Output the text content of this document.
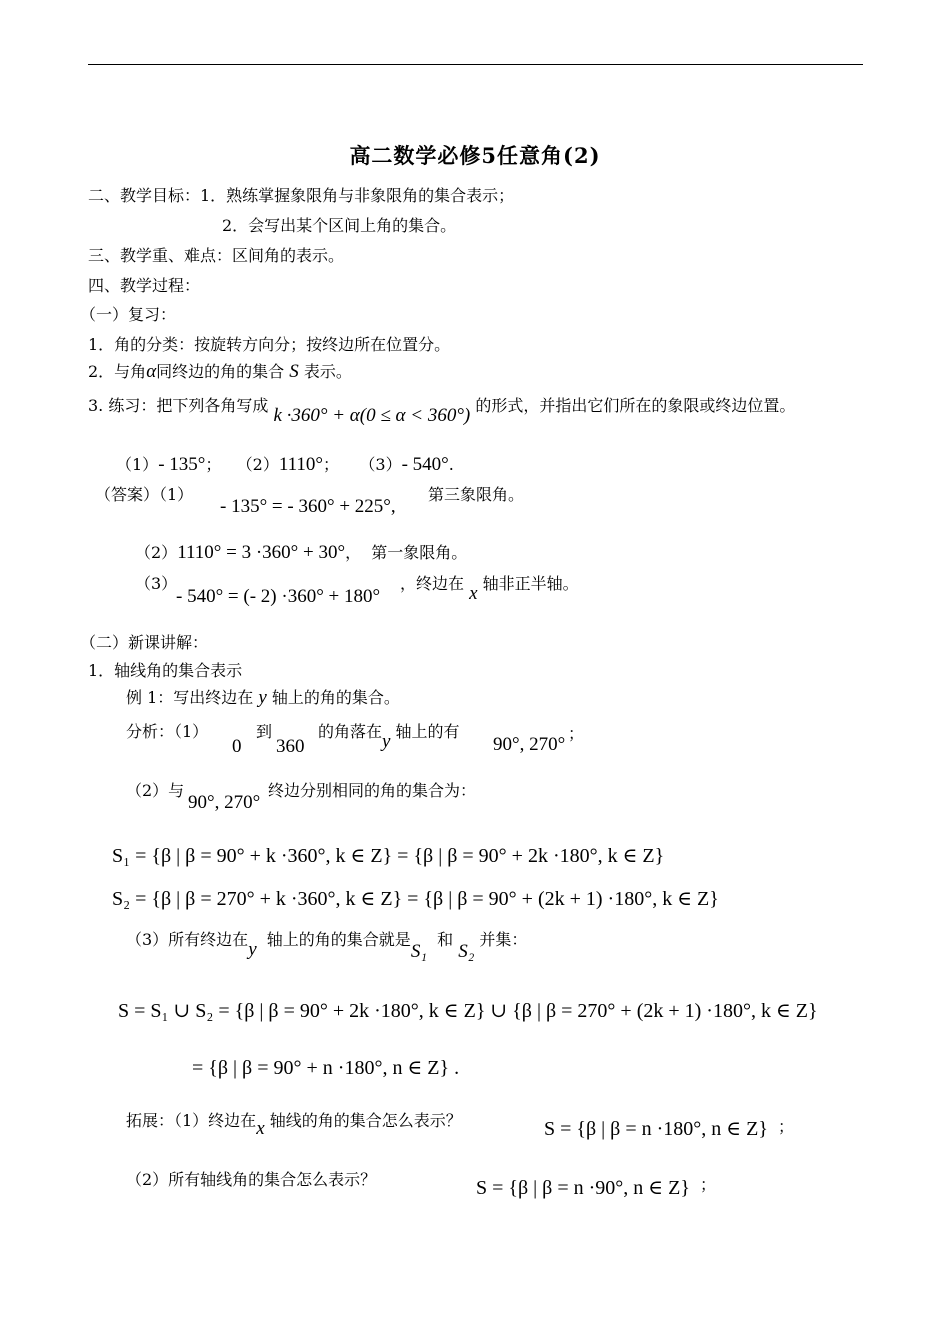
高二数学必修5任意角(2)
二、教学目标：1．熟练掌握象限角与非象限角的集合表示；
2．会写出某个区间上角的集合。
三、教学重、难点：区间角的表示。
四、教学过程：
（一）复习：
1．角的分类：按旋转方向分；按终边所在位置分。
2．与角α同终边的角的集合 S 表示。
3. 练习：把下列各角写成 k ·360° + α(0 ≤ α < 360°) 的形式，并指出它们所在的象限或终边位置。
（1）- 135°； （2）1110°； （3）- 540°.
（答案）（1）
- 135° = - 360° + 225°,
第三象限角。
（2）1110° = 3 ·360° + 30°， 第一象限角。
（3）
- 540° = (- 2) ·360° + 180°
，终边在 x 轴非正半轴。
（二）新课讲解：
1．轴线角的集合表示
例 1：写出终边在 y 轴上的角的集合。
分析：（1）
0
到
360
的角落在y 轴上的有
90°, 270°
；
（2）与
90°, 270°
终边分别相同的角的集合为：
S₁ = {β | β = 90° + k ·360°, k ∈ Z} = {β | β = 90° + 2k ·180°, k ∈ Z}
S₂ = {β | β = 270° + k ·360°, k ∈ Z} = {β | β = 90° + (2k + 1) ·180°, k ∈ Z}
（3）所有终边在y 轴上的角的集合就是S₁  和 S₂ 并集：
S = S₁ ∪ S₂ = {β | β = 90° + 2k ·180°, k ∈ Z} ∪ {β | β = 270° + (2k + 1) ·180°, k ∈ Z}
= {β | β = 90° + n ·180°, n ∈ Z} .
拓展：（1）终边在x 轴线的角的集合怎么表示？	S = {β | β = n ·180°, n ∈ Z} ；
（2）所有轴线角的集合怎么表示？	S = {β | β = n ·90°, n ∈ Z} ；
